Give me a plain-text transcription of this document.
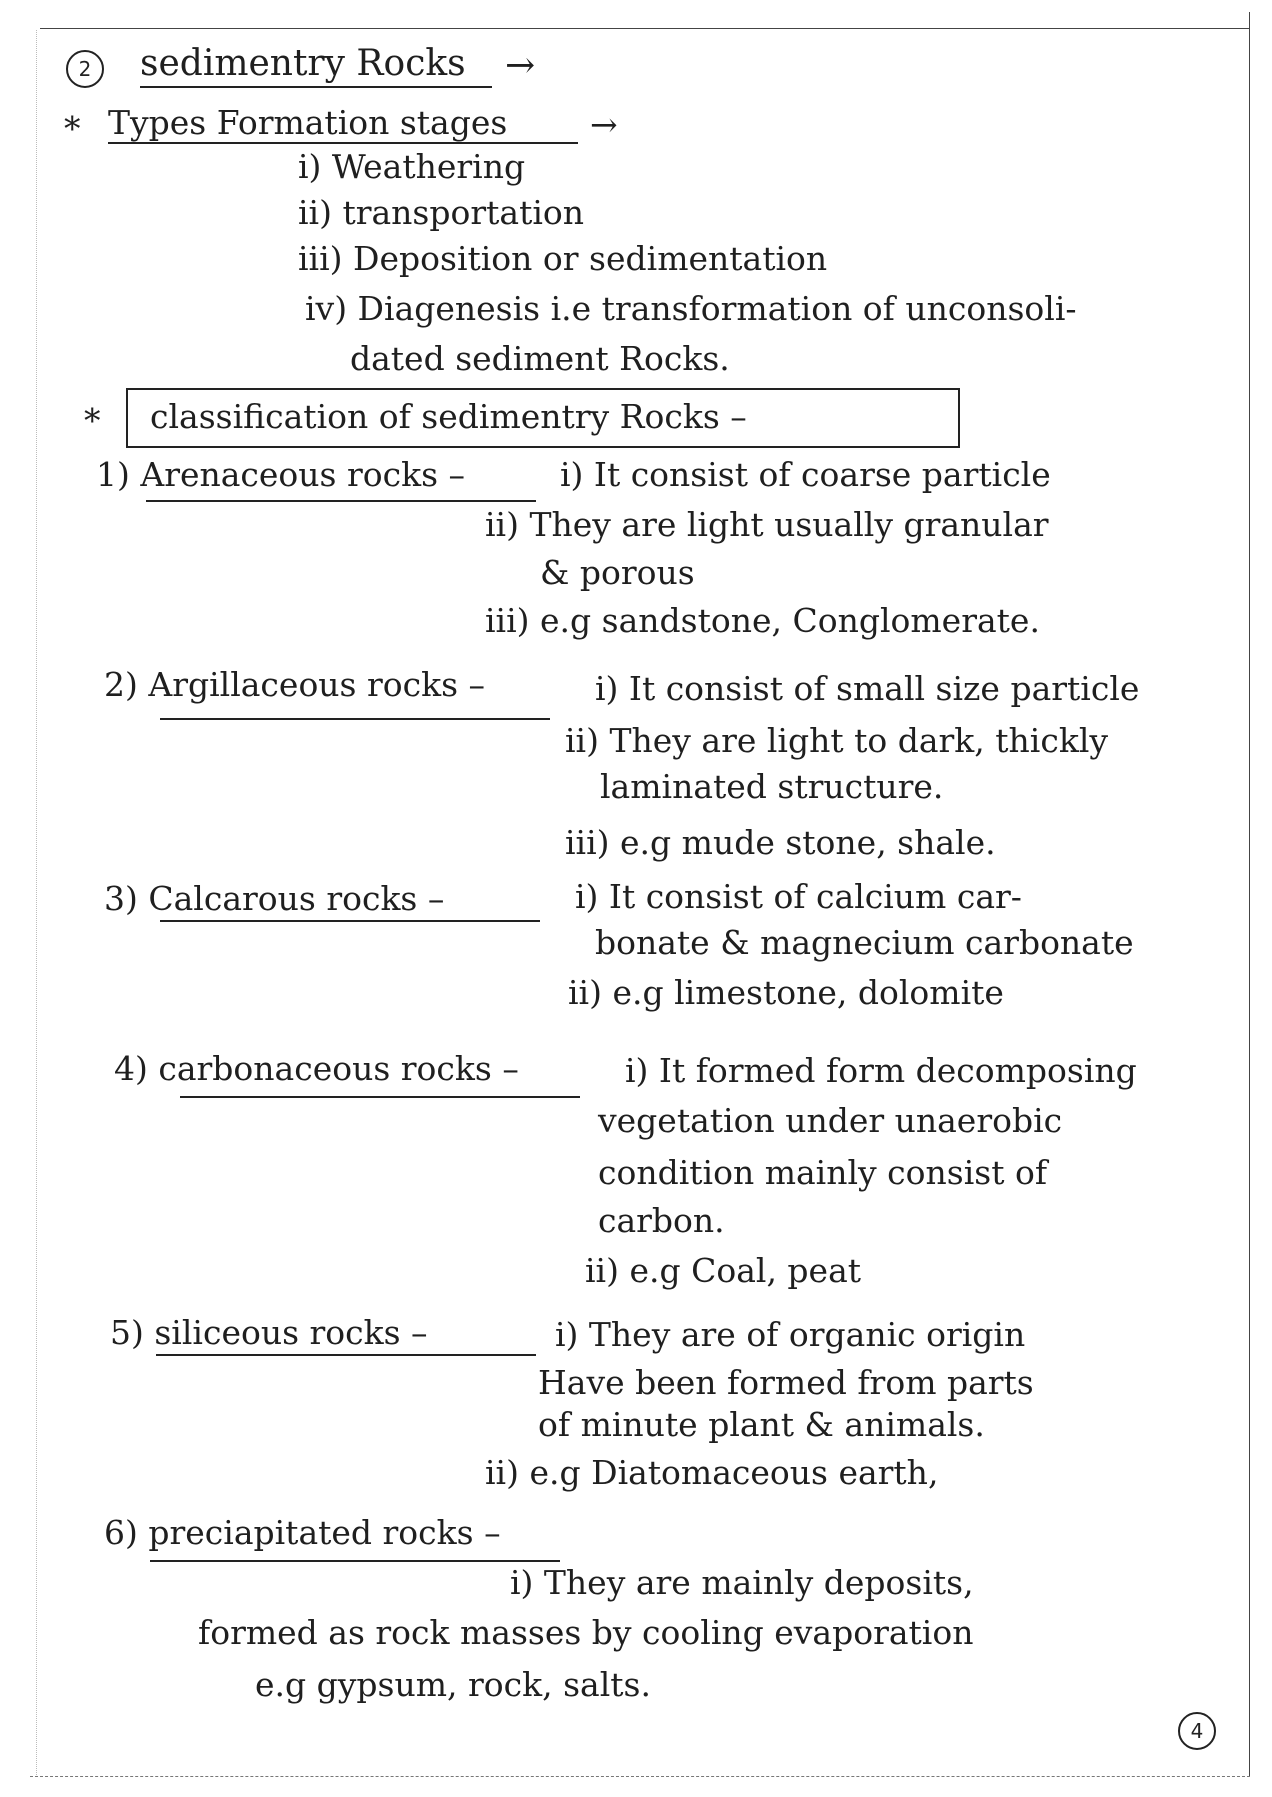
2	sedimentry Rocks →
* Types Formation stages	→
i) Weathering
ii) transportation
iii) Deposition or sedimentation
iv) Diagenesis i.e transformation of unconsoli-
dated sediment Rocks.
* classification of sedimentry Rocks –
1) Arenaceous rocks –	i) It consist of coarse particle
ii) They are light usually granular
& porous
iii) e.g sandstone, Conglomerate.
2) Argillaceous rocks –	i) It consist of small size particle
ii) They are light to dark, thickly
laminated structure.
iii) e.g mude stone, shale.
3) Calcarous rocks –	i) It consist of calcium car-
bonate & magnecium carbonate
ii) e.g limestone, dolomite
4) carbonaceous rocks –	i) It formed form decomposing
vegetation under unaerobic
condition mainly consist of
carbon.
ii) e.g Coal, peat
5) siliceous rocks –	i) They are of organic origin
Have been formed from parts
of minute plant & animals.
ii) e.g Diatomaceous earth,
6) preciapitated rocks –
i) They are mainly deposits,
formed as rock masses by cooling evaporation
e.g gypsum, rock, salts.
4
